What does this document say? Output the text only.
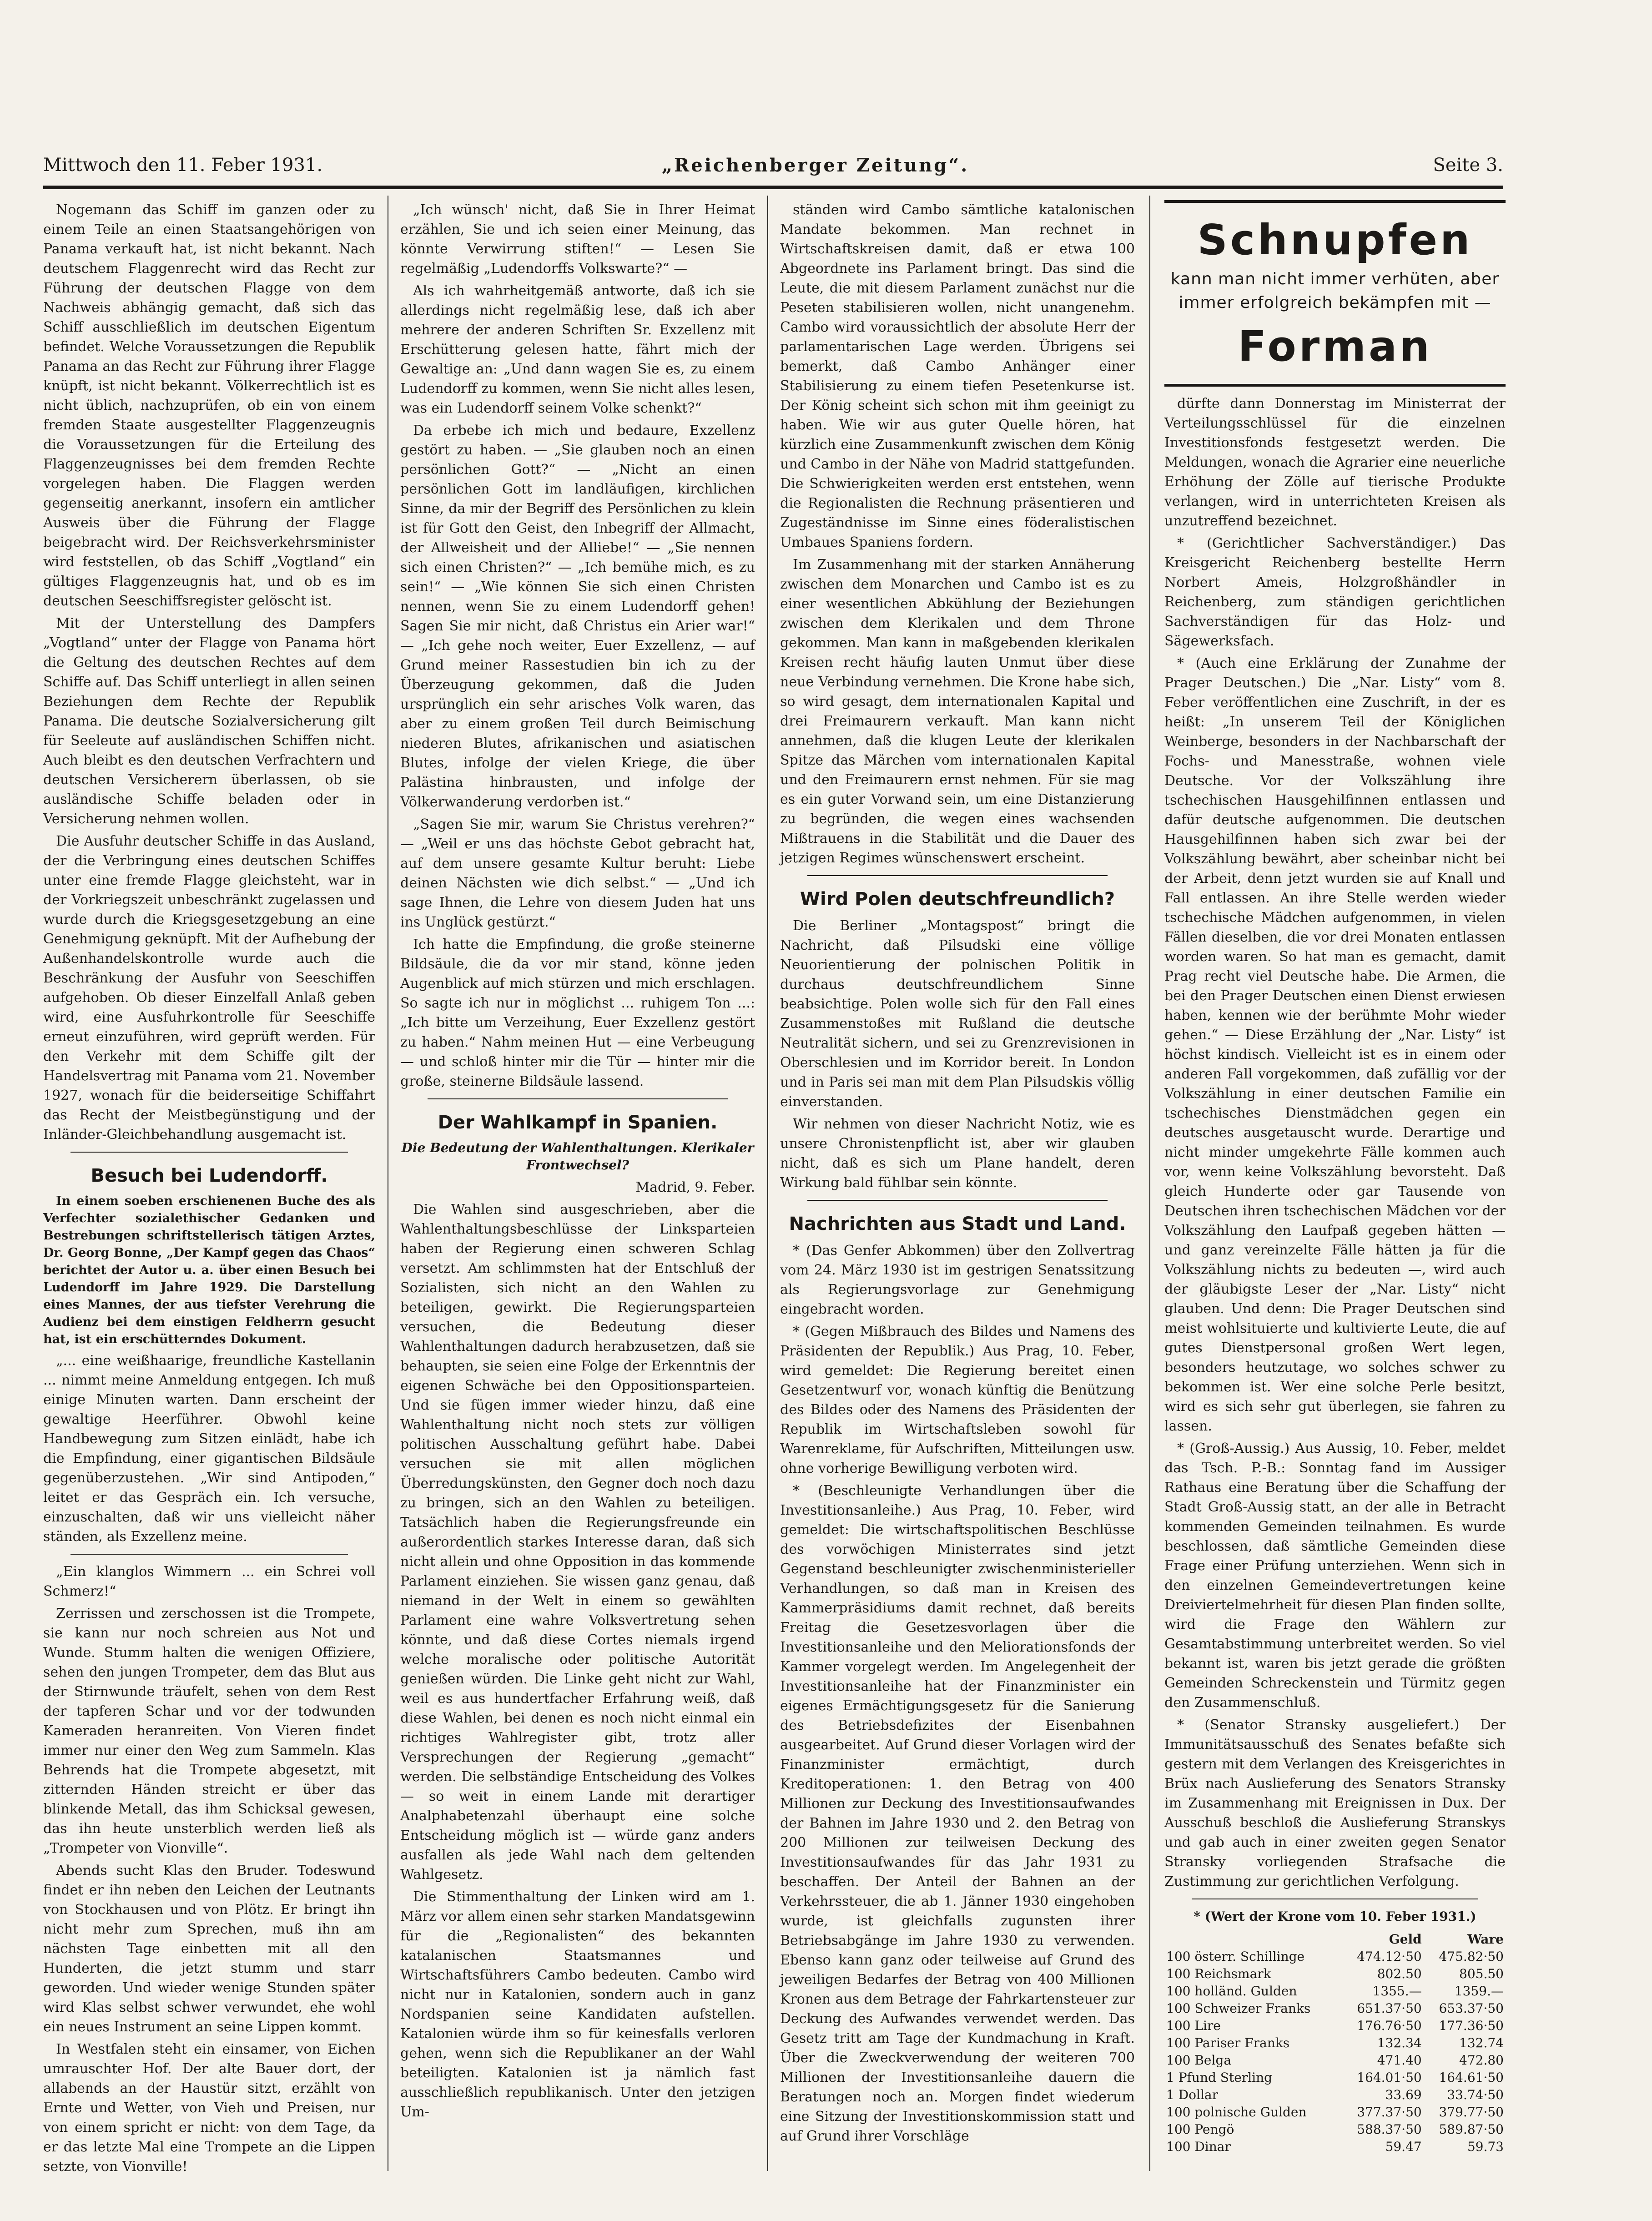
Mittwoch den 11. Feber 1931.	„Reichenberger Zeitung“.	Seite 3.

Nogemann das Schiff im ganzen oder zu einem Teile an einen Staatsangehörigen von Panama verkauft hat, ist nicht bekannt. Nach deutschem Flaggenrecht wird das Recht zur Führung der deutschen Flagge von dem Nachweis abhängig gemacht, daß sich das Schiff ausschließlich im deutschen Eigentum befindet. Welche Voraussetzungen die Republik Panama an das Recht zur Führung ihrer Flagge knüpft, ist nicht bekannt. Völkerrechtlich ist es nicht üblich, nachzuprüfen, ob ein von einem fremden Staate ausgestellter Flaggenzeugnis die Voraussetzungen für die Erteilung des Flaggenzeugnisses bei dem fremden Rechte vorgelegen haben. Die Flaggen werden gegenseitig anerkannt, insofern ein amtlicher Ausweis über die Führung der Flagge beigebracht wird. Der Reichsverkehrsminister wird feststellen, ob das Schiff „Vogtland“ ein gültiges Flaggenzeugnis hat, und ob es im deutschen Seeschiffsregister gelöscht ist.

Mit der Unterstellung des Dampfers „Vogtland“ unter der Flagge von Panama hört die Geltung des deutschen Rechtes auf dem Schiffe auf. Das Schiff unterliegt in allen seinen Beziehungen dem Rechte der Republik Panama. Die deutsche Sozialversicherung gilt für Seeleute auf ausländischen Schiffen nicht. Auch bleibt es den deutschen Verfrachtern und deutschen Versicherern überlassen, ob sie ausländische Schiffe beladen oder in Versicherung nehmen wollen.

Die Ausfuhr deutscher Schiffe in das Ausland, der die Verbringung eines deutschen Schiffes unter eine fremde Flagge gleichsteht, war in der Vorkriegszeit unbeschränkt zugelassen und wurde durch die Kriegsgesetzgebung an eine Genehmigung geknüpft. Mit der Aufhebung der Außenhandelskontrolle wurde auch die Beschränkung der Ausfuhr von Seeschiffen aufgehoben. Ob dieser Einzelfall Anlaß geben wird, eine Ausfuhrkontrolle für Seeschiffe erneut einzuführen, wird geprüft werden. Für den Verkehr mit dem Schiffe gilt der Handelsvertrag mit Panama vom 21. November 1927, wonach für die beiderseitige Schiffahrt das Recht der Meistbegünstigung und der Inländer-Gleichbehandlung ausgemacht ist.

Besuch bei Ludendorff.

In einem soeben erschienenen Buche des als Verfechter sozialethischer Gedanken und Bestrebungen schriftstellerisch tätigen Arztes, Dr. Georg Bonne, „Der Kampf gegen das Chaos“ berichtet der Autor u. a. über einen Besuch bei Ludendorff im Jahre 1929. Die Darstellung eines Mannes, der aus tiefster Verehrung die Audienz bei dem einstigen Feldherrn gesucht hat, ist ein erschütterndes Dokument.

„... eine weißhaarige, freundliche Kastellanin ... nimmt meine Anmeldung entgegen. Ich muß einige Minuten warten. Dann erscheint der gewaltige Heerführer. Obwohl keine Handbewegung zum Sitzen einlädt, habe ich die Empfindung, einer gigantischen Bildsäule gegenüberzustehen. „Wir sind Antipoden,“ leitet er das Gespräch ein. Ich versuche, einzuschalten, daß wir uns vielleicht näher ständen, als Exzellenz meine.

„Ein klanglos Wimmern ... ein Schrei voll Schmerz!“

Zerrissen und zerschossen ist die Trompete, sie kann nur noch schreien aus Not und Wunde. Stumm halten die wenigen Offiziere, sehen den jungen Trompeter, dem das Blut aus der Stirnwunde träufelt, sehen von dem Rest der tapferen Schar und vor der todwunden Kameraden heranreiten. Von Vieren findet immer nur einer den Weg zum Sammeln. Klas Behrends hat die Trompete abgesetzt, mit zitternden Händen streicht er über das blinkende Metall, das ihm Schicksal gewesen, das ihn heute unsterblich werden ließ als „Trompeter von Vionville“.

Abends sucht Klas den Bruder. Todeswund findet er ihn neben den Leichen der Leutnants von Stockhausen und von Plötz. Er bringt ihn nicht mehr zum Sprechen, muß ihn am nächsten Tage einbetten mit all den Hunderten, die jetzt stumm und starr geworden. Und wieder wenige Stunden später wird Klas selbst schwer verwundet, ehe wohl ein neues Instrument an seine Lippen kommt.

In Westfalen steht ein einsamer, von Eichen umrauschter Hof. Der alte Bauer dort, der allabends an der Haustür sitzt, erzählt von Ernte und Wetter, von Vieh und Preisen, nur von einem spricht er nicht: von dem Tage, da er das letzte Mal eine Trompete an die Lippen setzte, von Vionville!

„Ich wünsch' nicht, daß Sie in Ihrer Heimat erzählen, Sie und ich seien einer Meinung, das könnte Verwirrung stiften!“ — Lesen Sie regelmäßig „Ludendorffs Volkswarte?“ —

Als ich wahrheitgemäß antworte, daß ich sie allerdings nicht regelmäßig lese, daß ich aber mehrere der anderen Schriften Sr. Exzellenz mit Erschütterung gelesen hatte, fährt mich der Gewaltige an: „Und dann wagen Sie es, zu einem Ludendorff zu kommen, wenn Sie nicht alles lesen, was ein Ludendorff seinem Volke schenkt?“

Da erbebe ich mich und bedaure, Exzellenz gestört zu haben. — „Sie glauben noch an einen persönlichen Gott?“ — „Nicht an einen persönlichen Gott im landläufigen, kirchlichen Sinne, da mir der Begriff des Persönlichen zu klein ist für Gott den Geist, den Inbegriff der Allmacht, der Allweisheit und der Alliebe!“ — „Sie nennen sich einen Christen?“ — „Ich bemühe mich, es zu sein!“ — „Wie können Sie sich einen Christen nennen, wenn Sie zu einem Ludendorff gehen! Sagen Sie mir nicht, daß Christus ein Arier war!“ — „Ich gehe noch weiter, Euer Exzellenz, — auf Grund meiner Rassestudien bin ich zu der Überzeugung gekommen, daß die Juden ursprünglich ein sehr arisches Volk waren, das aber zu einem großen Teil durch Beimischung niederen Blutes, afrikanischen und asiatischen Blutes, infolge der vielen Kriege, die über Palästina hinbrausten, und infolge der Völkerwanderung verdorben ist.“

„Sagen Sie mir, warum Sie Christus verehren?“ — „Weil er uns das höchste Gebot gebracht hat, auf dem unsere gesamte Kultur beruht: Liebe deinen Nächsten wie dich selbst.“ — „Und ich sage Ihnen, die Lehre von diesem Juden hat uns ins Unglück gestürzt.“

Ich hatte die Empfindung, die große steinerne Bildsäule, die da vor mir stand, könne jeden Augenblick auf mich stürzen und mich erschlagen. So sagte ich nur in möglichst ... ruhigem Ton ...: „Ich bitte um Verzeihung, Euer Exzellenz gestört zu haben.“ Nahm meinen Hut — eine Verbeugung — und schloß hinter mir die Tür — hinter mir die große, steinerne Bildsäule lassend.

Der Wahlkampf in Spanien.
Die Bedeutung der Wahlenthaltungen. Klerikaler Frontwechsel?

Madrid, 9. Feber.

Die Wahlen sind ausgeschrieben, aber die Wahlenthaltungsbeschlüsse der Linksparteien haben der Regierung einen schweren Schlag versetzt. Am schlimmsten hat der Entschluß der Sozialisten, sich nicht an den Wahlen zu beteiligen, gewirkt. Die Regierungsparteien versuchen, die Bedeutung dieser Wahlenthaltungen dadurch herabzusetzen, daß sie behaupten, sie seien eine Folge der Erkenntnis der eigenen Schwäche bei den Oppositionsparteien. Und sie fügen immer wieder hinzu, daß eine Wahlenthaltung nicht noch stets zur völligen politischen Ausschaltung geführt habe. Dabei versuchen sie mit allen möglichen Überredungskünsten, den Gegner doch noch dazu zu bringen, sich an den Wahlen zu beteiligen. Tatsächlich haben die Regierungsfreunde ein außerordentlich starkes Interesse daran, daß sich nicht allein und ohne Opposition in das kommende Parlament einziehen. Sie wissen ganz genau, daß niemand in der Welt in einem so gewählten Parlament eine wahre Volksvertretung sehen könnte, und daß diese Cortes niemals irgend welche moralische oder politische Autorität genießen würden. Die Linke geht nicht zur Wahl, weil es aus hundertfacher Erfahrung weiß, daß diese Wahlen, bei denen es noch nicht einmal ein richtiges Wahlregister gibt, trotz aller Versprechungen der Regierung „gemacht“ werden. Die selbständige Entscheidung des Volkes — so weit in einem Lande mit derartiger Analphabetenzahl überhaupt eine solche Entscheidung möglich ist — würde ganz anders ausfallen als jede Wahl nach dem geltenden Wahlgesetz.

Die Stimmenthaltung der Linken wird am 1. März vor allem einen sehr starken Mandatsgewinn für die „Regionalisten“ des bekannten katalanischen Staatsmannes und Wirtschaftsführers Cambo bedeuten. Cambo wird nicht nur in Katalonien, sondern auch in ganz Nordspanien seine Kandidaten aufstellen. Katalonien würde ihm so für keinesfalls verloren gehen, wenn sich die Republikaner an der Wahl beteiligten. Katalonien ist ja nämlich fast ausschließlich republikanisch. Unter den jetzigen Um-

ständen wird Cambo sämtliche katalonischen Mandate bekommen. Man rechnet in Wirtschaftskreisen damit, daß er etwa 100 Abgeordnete ins Parlament bringt. Das sind die Leute, die mit diesem Parlament zunächst nur die Peseten stabilisieren wollen, nicht unangenehm. Cambo wird voraussichtlich der absolute Herr der parlamentarischen Lage werden. Übrigens sei bemerkt, daß Cambo Anhänger einer Stabilisierung zu einem tiefen Pesetenkurse ist. Der König scheint sich schon mit ihm geeinigt zu haben. Wie wir aus guter Quelle hören, hat kürzlich eine Zusammenkunft zwischen dem König und Cambo in der Nähe von Madrid stattgefunden. Die Schwierigkeiten werden erst entstehen, wenn die Regionalisten die Rechnung präsentieren und Zugeständnisse im Sinne eines föderalistischen Umbaues Spaniens fordern.

Im Zusammenhang mit der starken Annäherung zwischen dem Monarchen und Cambo ist es zu einer wesentlichen Abkühlung der Beziehungen zwischen dem Klerikalen und dem Throne gekommen. Man kann in maßgebenden klerikalen Kreisen recht häufig lauten Unmut über diese neue Verbindung vernehmen. Die Krone habe sich, so wird gesagt, dem internationalen Kapital und drei Freimaurern verkauft. Man kann nicht annehmen, daß die klugen Leute der klerikalen Spitze das Märchen vom internationalen Kapital und den Freimaurern ernst nehmen. Für sie mag es ein guter Vorwand sein, um eine Distanzierung zu begründen, die wegen eines wachsenden Mißtrauens in die Stabilität und die Dauer des jetzigen Regimes wünschenswert erscheint.

Wird Polen deutschfreundlich?

Die Berliner „Montagspost“ bringt die Nachricht, daß Pilsudski eine völlige Neuorientierung der polnischen Politik in durchaus deutschfreundlichem Sinne beabsichtige. Polen wolle sich für den Fall eines Zusammenstoßes mit Rußland die deutsche Neutralität sichern, und sei zu Grenzrevisionen in Oberschlesien und im Korridor bereit. In London und in Paris sei man mit dem Plan Pilsudskis völlig einverstanden.

Wir nehmen von dieser Nachricht Notiz, wie es unsere Chronistenpflicht ist, aber wir glauben nicht, daß es sich um Plane handelt, deren Wirkung bald fühlbar sein könnte.

Nachrichten aus Stadt und Land.

* (Das Genfer Abkommen) über den Zollvertrag vom 24. März 1930 ist im gestrigen Senatssitzung als Regierungsvorlage zur Genehmigung eingebracht worden.

* (Gegen Mißbrauch des Bildes und Namens des Präsidenten der Republik.) Aus Prag, 10. Feber, wird gemeldet: Die Regierung bereitet einen Gesetzentwurf vor, wonach künftig die Benützung des Bildes oder des Namens des Präsidenten der Republik im Wirtschaftsleben sowohl für Warenreklame, für Aufschriften, Mitteilungen usw. ohne vorherige Bewilligung verboten wird.

* (Beschleunigte Verhandlungen über die Investitionsanleihe.) Aus Prag, 10. Feber, wird gemeldet: Die wirtschaftspolitischen Beschlüsse des vorwöchigen Ministerrates sind jetzt Gegenstand beschleunigter zwischenministerieller Verhandlungen, so daß man in Kreisen des Kammerpräsidiums damit rechnet, daß bereits Freitag die Gesetzesvorlagen über die Investitionsanleihe und den Meliorationsfonds der Kammer vorgelegt werden. Im Angelegenheit der Investitionsanleihe hat der Finanzminister ein eigenes Ermächtigungsgesetz für die Sanierung des Betriebsdefizites der Eisenbahnen ausgearbeitet. Auf Grund dieser Vorlagen wird der Finanzminister ermächtigt, durch Kreditoperationen: 1. den Betrag von 400 Millionen zur Deckung des Investitionsaufwandes der Bahnen im Jahre 1930 und 2. den Betrag von 200 Millionen zur teilweisen Deckung des Investitionsaufwandes für das Jahr 1931 zu beschaffen. Der Anteil der Bahnen an der Verkehrssteuer, die ab 1. Jänner 1930 eingehoben wurde, ist gleichfalls zugunsten ihrer Betriebsabgänge im Jahre 1930 zu verwenden. Ebenso kann ganz oder teilweise auf Grund des jeweiligen Bedarfes der Betrag von 400 Millionen Kronen aus dem Betrage der Fahrkartensteuer zur Deckung des Aufwandes verwendet werden. Das Gesetz tritt am Tage der Kundmachung in Kraft. Über die Zweckverwendung der weiteren 700 Millionen der Investitionsanleihe dauern die Beratungen noch an. Morgen findet wiederum eine Sitzung der Investitionskommission statt und auf Grund ihrer Vorschläge

Schnupfen
kann man nicht immer verhüten, aber
immer erfolgreich bekämpfen mit —
Forman

dürfte dann Donnerstag im Ministerrat der Verteilungsschlüssel für die einzelnen Investitionsfonds festgesetzt werden. Die Meldungen, wonach die Agrarier eine neuerliche Erhöhung der Zölle auf tierische Produkte verlangen, wird in unterrichteten Kreisen als unzutreffend bezeichnet.

* (Gerichtlicher Sachverständiger.) Das Kreisgericht Reichenberg bestellte Herrn Norbert Ameis, Holzgroßhändler in Reichenberg, zum ständigen gerichtlichen Sachverständigen für das Holz- und Sägewerksfach.

* (Auch eine Erklärung der Zunahme der Prager Deutschen.) Die „Nar. Listy“ vom 8. Feber veröffentlichen eine Zuschrift, in der es heißt: „In unserem Teil der Königlichen Weinberge, besonders in der Nachbarschaft der Fochs- und Manesstraße, wohnen viele Deutsche. Vor der Volkszählung ihre tschechischen Hausgehilfinnen entlassen und dafür deutsche aufgenommen. Die deutschen Hausgehilfinnen haben sich zwar bei der Volkszählung bewährt, aber scheinbar nicht bei der Arbeit, denn jetzt wurden sie auf Knall und Fall entlassen. An ihre Stelle werden wieder tschechische Mädchen aufgenommen, in vielen Fällen dieselben, die vor drei Monaten entlassen worden waren. So hat man es gemacht, damit Prag recht viel Deutsche habe. Die Armen, die bei den Prager Deutschen einen Dienst erwiesen haben, kennen wie der berühmte Mohr wieder gehen.“ — Diese Erzählung der „Nar. Listy“ ist höchst kindisch. Vielleicht ist es in einem oder anderen Fall vorgekommen, daß zufällig vor der Volkszählung in einer deutschen Familie ein tschechisches Dienstmädchen gegen ein deutsches ausgetauscht wurde. Derartige und nicht minder umgekehrte Fälle kommen auch vor, wenn keine Volkszählung bevorsteht. Daß gleich Hunderte oder gar Tausende von Deutschen ihren tschechischen Mädchen vor der Volkszählung den Laufpaß gegeben hätten — und ganz vereinzelte Fälle hätten ja für die Volkszählung nichts zu bedeuten —, wird auch der gläubigste Leser der „Nar. Listy“ nicht glauben. Und denn: Die Prager Deutschen sind meist wohlsituierte und kultivierte Leute, die auf gutes Dienstpersonal großen Wert legen, besonders heutzutage, wo solches schwer zu bekommen ist. Wer eine solche Perle besitzt, wird es sich sehr gut überlegen, sie fahren zu lassen.

* (Groß-Aussig.) Aus Aussig, 10. Feber, meldet das Tsch. P.-B.: Sonntag fand im Aussiger Rathaus eine Beratung über die Schaffung der Stadt Groß-Aussig statt, an der alle in Betracht kommenden Gemeinden teilnahmen. Es wurde beschlossen, daß sämtliche Gemeinden diese Frage einer Prüfung unterziehen. Wenn sich in den einzelnen Gemeindevertretungen keine Dreiviertelmehrheit für diesen Plan finden sollte, wird die Frage den Wählern zur Gesamtabstimmung unterbreitet werden. So viel bekannt ist, waren bis jetzt gerade die größten Gemeinden Schreckenstein und Türmitz gegen den Zusammenschluß.

* (Senator Stransky ausgeliefert.) Der Immunitätsausschuß des Senates befaßte sich gestern mit dem Verlangen des Kreisgerichtes in Brüx nach Auslieferung des Senators Stransky im Zusammenhang mit Ereignissen in Dux. Der Ausschuß beschloß die Auslieferung Stranskys und gab auch in einer zweiten gegen Senator Stransky vorliegenden Strafsache die Zustimmung zur gerichtlichen Verfolgung.

* (Wert der Krone vom 10. Feber 1931.)
	Geld	Ware
100 österr. Schillinge	474.12·50	475.82·50
100 Reichsmark	802.50	805.50
100 holländ. Gulden	1355.—	1359.—
100 Schweizer Franks	651.37·50	653.37·50
100 Lire	176.76·50	177.36·50
100 Pariser Franks	132.34	132.74
100 Belga	471.40	472.80
1 Pfund Sterling	164.01·50	164.61·50
1 Dollar	33.69	33.74·50
100 polnische Gulden	377.37·50	379.77·50
100 Pengö	588.37·50	589.87·50
100 Dinar	59.47	59.73
